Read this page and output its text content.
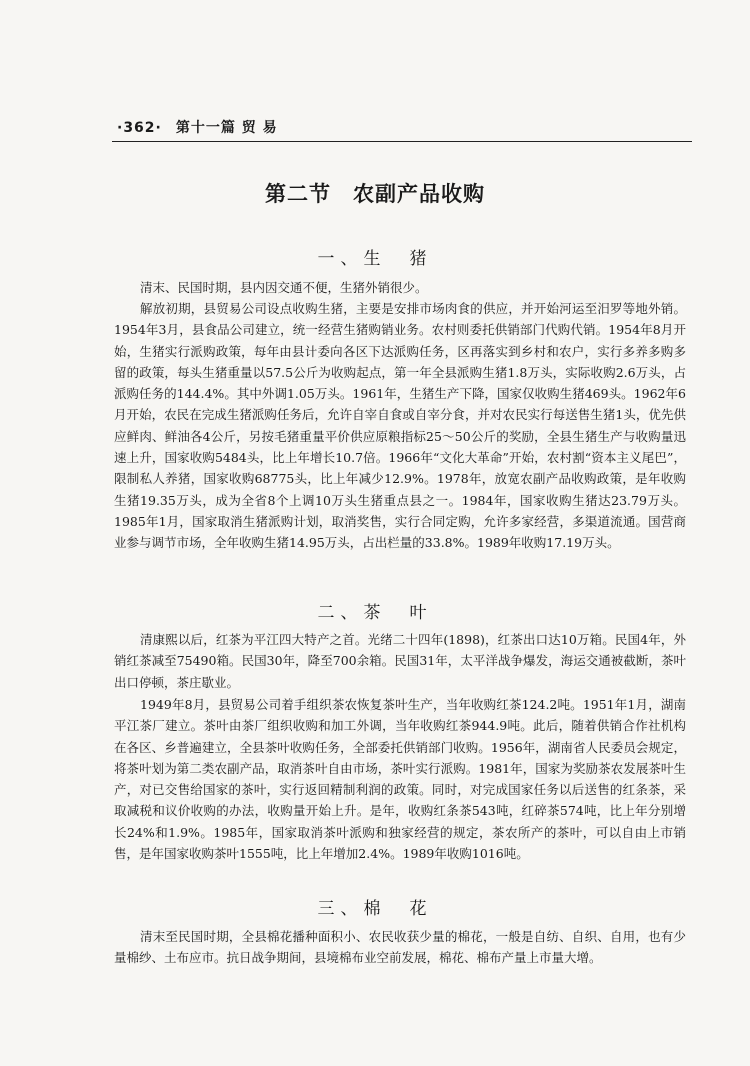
·362· 第十一篇 贸 易
第二节 农副产品收购
一、生　猪

清末、民国时期，县内因交通不便，生猪外销很少。

解放初期，县贸易公司设点收购生猪，主要是安排市场肉食的供应，并开始河运至汨罗等地外销。1954年3月，县食品公司建立，统一经营生猪购销业务。农村则委托供销部门代购代销。1954年8月开始，生猪实行派购政策，每年由县计委向各区下达派购任务，区再落实到乡村和农户，实行多养多购多留的政策，每头生猪重量以57.5公斤为收购起点，第一年全县派购生猪1.8万头，实际收购2.6万头，占派购任务的144.4%。其中外调1.05万头。1961年，生猪生产下降，国家仅收购生猪469头。1962年6月开始，农民在完成生猪派购任务后，允许自宰自食或自宰分食，并对农民实行每送售生猪1头，优先供应鲜肉、鲜油各4公斤，另按毛猪重量平价供应原粮指标25～50公斤的奖励，全县生猪生产与收购量迅速上升，国家收购5484头，比上年增长10.7倍。1966年“文化大革命”开始，农村割“资本主义尾巴”，限制私人养猪，国家收购68775头，比上年减少12.9%。1978年，放宽农副产品收购政策，是年收购生猪19.35万头，成为全省8个上调10万头生猪重点县之一。1984年，国家收购生猪达23.79万头。1985年1月，国家取消生猪派购计划，取消奖售，实行合同定购，允许多家经营，多渠道流通。国营商业参与调节市场，全年收购生猪14.95万头，占出栏量的33.8%。1989年收购17.19万头。

二、茶　叶

清康熙以后，红茶为平江四大特产之首。光绪二十四年(1898)，红茶出口达10万箱。民国4年，外销红茶减至75490箱。民国30年，降至700余箱。民国31年，太平洋战争爆发，海运交通被截断，茶叶出口停顿，茶庄歇业。

1949年8月，县贸易公司着手组织茶农恢复茶叶生产，当年收购红茶124.2吨。1951年1月，湖南平江茶厂建立。茶叶由茶厂组织收购和加工外调，当年收购红茶944.9吨。此后，随着供销合作社机构在各区、乡普遍建立，全县茶叶收购任务，全部委托供销部门收购。1956年，湖南省人民委员会规定，将茶叶划为第二类农副产品，取消茶叶自由市场，茶叶实行派购。1981年，国家为奖励茶农发展茶叶生产，对已交售给国家的茶叶，实行返回精制利润的政策。同时，对完成国家任务以后送售的红条茶，采取减税和议价收购的办法，收购量开始上升。是年，收购红条茶543吨，红碎茶574吨，比上年分别增长24%和1.9%。1985年，国家取消茶叶派购和独家经营的规定，茶农所产的茶叶，可以自由上市销售，是年国家收购茶叶1555吨，比上年增加2.4%。1989年收购1016吨。

三、棉　花

清末至民国时期，全县棉花播种面积小、农民收获少量的棉花，一般是自纺、自织、自用，也有少量棉纱、土布应市。抗日战争期间，县境棉布业空前发展，棉花、棉布产量上市量大增。
